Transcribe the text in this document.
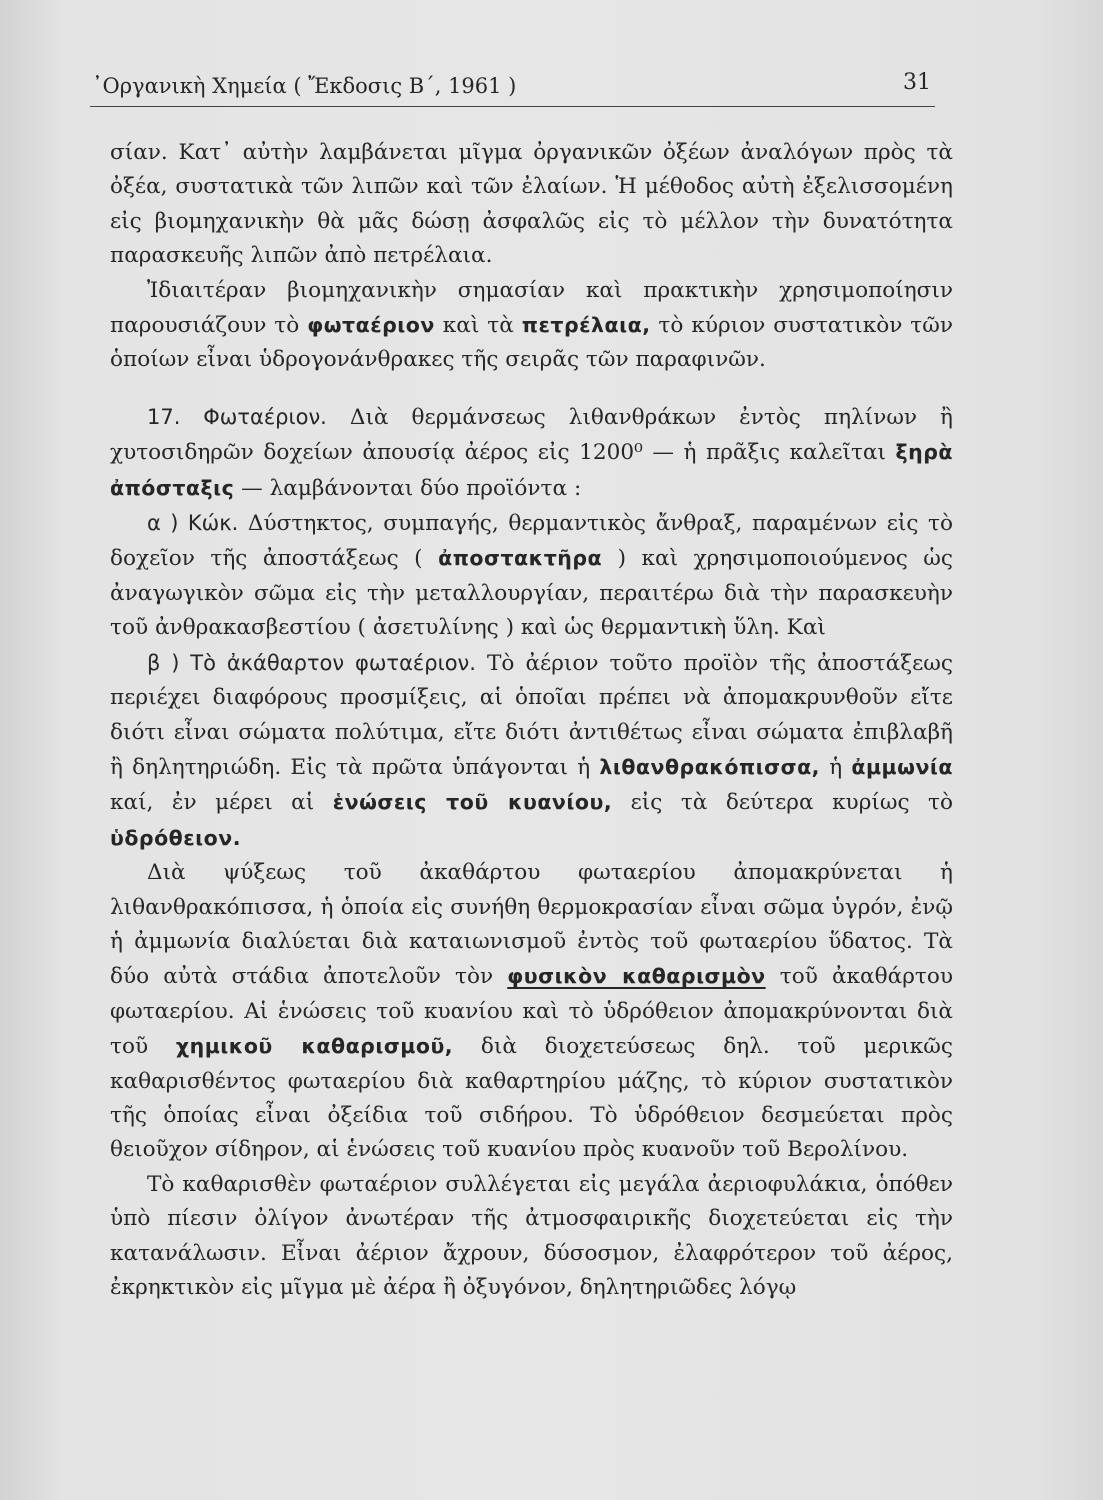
᾿Οργανικὴ Χημεία ( Ἔκδοσις Β΄, 1961 )	31

σίαν. Κατ᾿ αὐτὴν λαμβάνεται μῖγμα ὀργανικῶν ὀξέων ἀναλόγων πρὸς τὰ ὀξέα, συστατικὰ τῶν λιπῶν καὶ τῶν ἐλαίων. Ἡ μέθοδος αὐτὴ ἐξελισσομένη εἰς βιομηχανικὴν θὰ μᾶς δώσῃ ἀσφαλῶς εἰς τὸ μέλλον τὴν δυνατότητα παρασκευῆς λιπῶν ἀπὸ πετρέλαια.

Ἰδιαιτέραν βιομηχανικὴν σημασίαν καὶ πρακτικὴν χρησιμοποίησιν παρουσιάζουν τὸ φωταέριον καὶ τὰ πετρέλαια, τὸ κύριον συστατικὸν τῶν ὁποίων εἶναι ὑδρογονάνθρακες τῆς σειρᾶς τῶν παραφινῶν.

17. Φωταέριον. Διὰ θερμάνσεως λιθανθράκων ἐντὸς πηλίνων ἢ χυτοσιδηρῶν δοχείων ἀπουσίᾳ ἀέρος εἰς 1200⁰ — ἡ πρᾶξις καλεῖται ξηρὰ ἀπόσταξις — λαμβάνονται δύο προϊόντα :

α ) Κώκ. Δύστηκτος, συμπαγής, θερμαντικὸς ἄνθραξ, παραμένων εἰς τὸ δοχεῖον τῆς ἀποστάξεως ( ἀποστακτῆρα ) καὶ χρησιμοποιούμενος ὡς ἀναγωγικὸν σῶμα εἰς τὴν μεταλλουργίαν, περαιτέρω διὰ τὴν παρασκευὴν τοῦ ἀνθρακασβεστίου ( ἀσετυλίνης ) καὶ ὡς θερμαντικὴ ὕλη. Καὶ

β ) Τὸ ἀκάθαρτον φωταέριον. Τὸ ἀέριον τοῦτο προϊὸν τῆς ἀποστάξεως περιέχει διαφόρους προσμίξεις, αἱ ὁποῖαι πρέπει νὰ ἀπομακρυνθοῦν εἴτε διότι εἶναι σώματα πολύτιμα, εἴτε διότι ἀντιθέτως εἶναι σώματα ἐπιβλαβῆ ἢ δηλητηριώδη. Εἰς τὰ πρῶτα ὑπάγονται ἡ λιθανθρακόπισσα, ἡ ἀμμωνία καί, ἐν μέρει αἱ ἑνώσεις τοῦ κυανίου, εἰς τὰ δεύτερα κυρίως τὸ ὑδρόθειον.

Διὰ ψύξεως τοῦ ἀκαθάρτου φωταερίου ἀπομακρύνεται ἡ λιθανθρακόπισσα, ἡ ὁποία εἰς συνήθη θερμοκρασίαν εἶναι σῶμα ὑγρόν, ἐνῷ ἡ ἀμμωνία διαλύεται διὰ καταιωνισμοῦ ἐντὸς τοῦ φωταερίου ὕδατος. Τὰ δύο αὐτὰ στάδια ἀποτελοῦν τὸν φυσικὸν καθαρισμὸν τοῦ ἀκαθάρτου φωταερίου. Αἱ ἑνώσεις τοῦ κυανίου καὶ τὸ ὑδρόθειον ἀπομακρύνονται διὰ τοῦ χημικοῦ καθαρισμοῦ, διὰ διοχετεύσεως δηλ. τοῦ μερικῶς καθαρισθέντος φωταερίου διὰ καθαρτηρίου μάζης, τὸ κύριον συστατικὸν τῆς ὁποίας εἶναι ὀξείδια τοῦ σιδήρου. Τὸ ὑδρόθειον δεσμεύεται πρὸς θειοῦχον σίδηρον, αἱ ἑνώσεις τοῦ κυανίου πρὸς κυανοῦν τοῦ Βερολίνου.

Τὸ καθαρισθὲν φωταέριον συλλέγεται εἰς μεγάλα ἀεριοφυλάκια, ὁπόθεν ὑπὸ πίεσιν ὀλίγον ἀνωτέραν τῆς ἀτμοσφαιρικῆς διοχετεύεται εἰς τὴν κατανάλωσιν. Εἶναι ἀέριον ἄχρουν, δύσοσμον, ἐλαφρότερον τοῦ ἀέρος, ἐκρηκτικὸν εἰς μῖγμα μὲ ἀέρα ἢ ὀξυγόνον, δηλητηριῶδες λόγῳ
